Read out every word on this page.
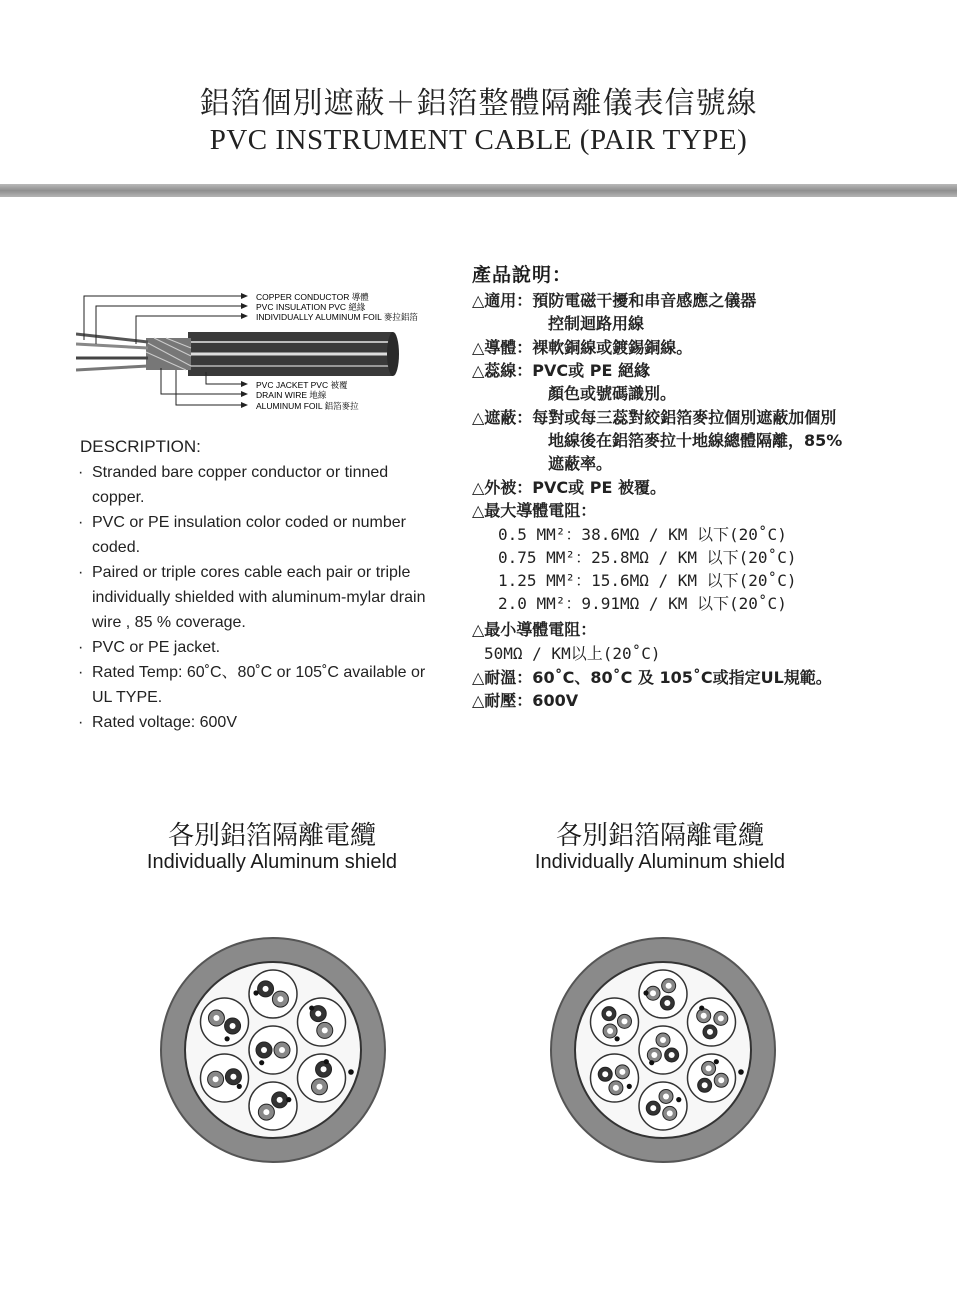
鋁箔個別遮蔽＋鋁箔整體隔離儀表信號線
PVC INSTRUMENT CABLE (PAIR TYPE)
COPPER CONDUCTOR 導體
PVC INSULATION PVC 絕緣
INDIVIDUALLY ALUMINUM FOIL 麥拉鋁箔
PVC JACKET PVC 被覆
DRAIN WIRE 地線
ALUMINUM FOIL 鋁箔麥拉
DESCRIPTION:
· Stranded bare copper conductor or tinned copper.
· PVC or PE insulation color coded or number coded.
· Paired or triple cores cable each pair or triple individually shielded with aluminum-mylar drain wire , 85 % coverage.
· PVC or PE jacket.
· Rated Temp: 60˚C、80˚C or 105˚C available or UL TYPE.
· Rated voltage: 600V
產品說明：
△適用：預防電磁干擾和串音感應之儀器
控制迴路用線
△導體：裸軟銅線或鍍錫銅線。
△蕊線：PVC或 PE 絕緣
顏色或號碼識別。
△遮蔽：每對或每三蕊對絞鋁箔麥拉個別遮蔽加個別
地線後在鋁箔麥拉十地線總體隔離，85%
遮蔽率。
△外被：PVC或 PE 被覆。
△最大導體電阻：
0.5 MM²：38.6MΩ / KM 以下(20˚C)
0.75 MM²：25.8MΩ / KM 以下(20˚C)
1.25 MM²：15.6MΩ / KM 以下(20˚C)
2.0 MM²：9.91MΩ / KM 以下(20˚C)
△最小導體電阻：
50MΩ / KM以上(20˚C)
△耐溫：60˚C、80˚C 及 105˚C或指定UL規範。
△耐壓：600V
各別鋁箔隔離電纜
Individually Aluminum shield
各別鋁箔隔離電纜
Individually Aluminum shield
